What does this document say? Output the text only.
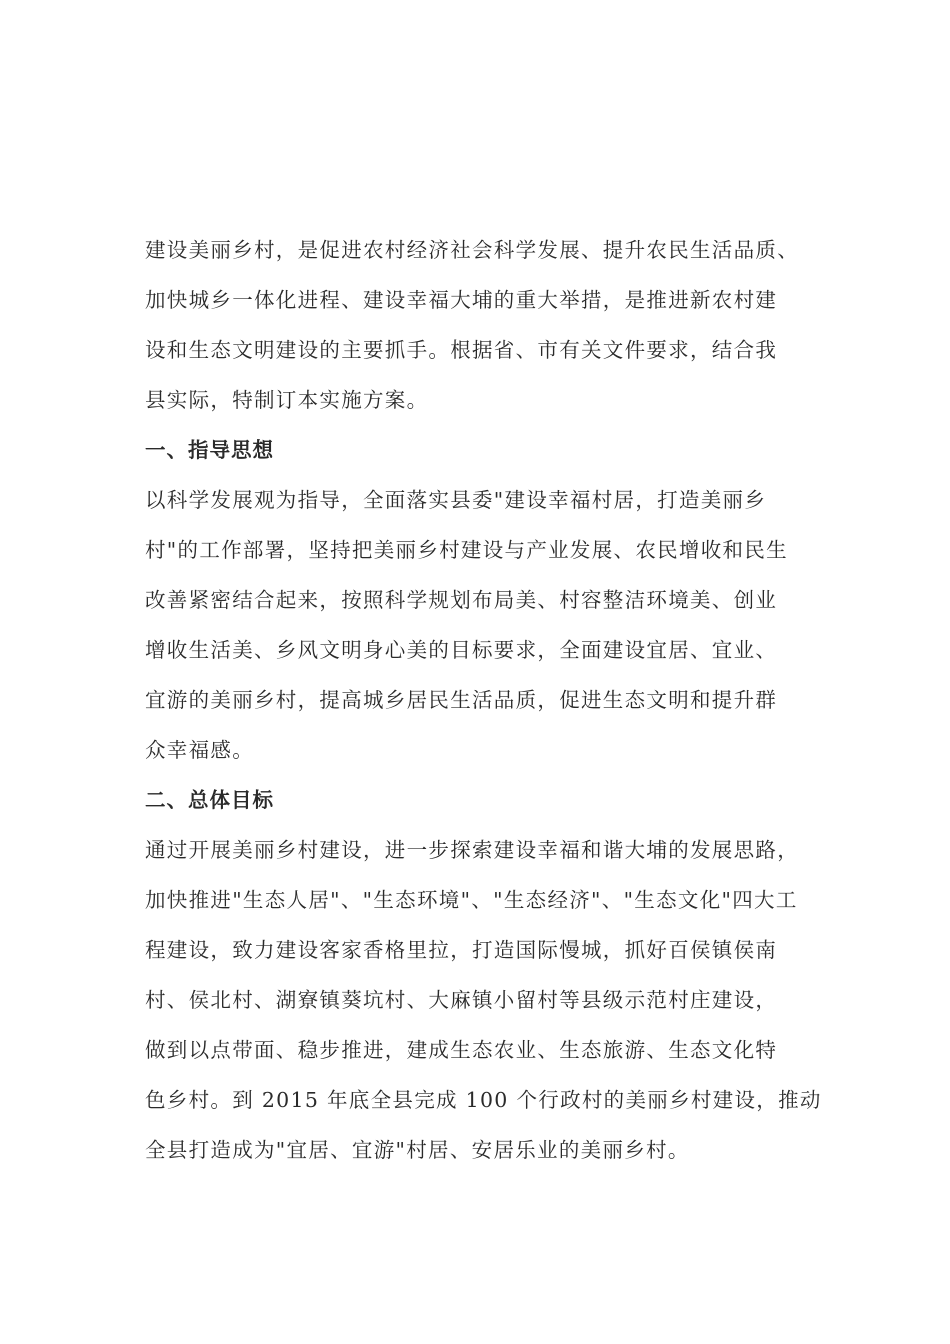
建设美丽乡村，是促进农村经济社会科学发展、提升农民生活品质、
加快城乡一体化进程、建设幸福大埔的重大举措，是推进新农村建
设和生态文明建设的主要抓手。根据省、市有关文件要求，结合我
县实际，特制订本实施方案。

一、指导思想

以科学发展观为指导，全面落实县委"建设幸福村居，打造美丽乡
村"的工作部署，坚持把美丽乡村建设与产业发展、农民增收和民生
改善紧密结合起来，按照科学规划布局美、村容整洁环境美、创业
增收生活美、乡风文明身心美的目标要求，全面建设宜居、宜业、
宜游的美丽乡村，提高城乡居民生活品质，促进生态文明和提升群
众幸福感。

二、总体目标

通过开展美丽乡村建设，进一步探索建设幸福和谐大埔的发展思路，
加快推进"生态人居"、"生态环境"、"生态经济"、"生态文化"四大工
程建设，致力建设客家香格里拉，打造国际慢城，抓好百侯镇侯南
村、侯北村、湖寮镇葵坑村、大麻镇小留村等县级示范村庄建设，
做到以点带面、稳步推进，建成生态农业、生态旅游、生态文化特
色乡村。到 2015 年底全县完成 100 个行政村的美丽乡村建设，推动
全县打造成为"宜居、宜游"村居、安居乐业的美丽乡村。
